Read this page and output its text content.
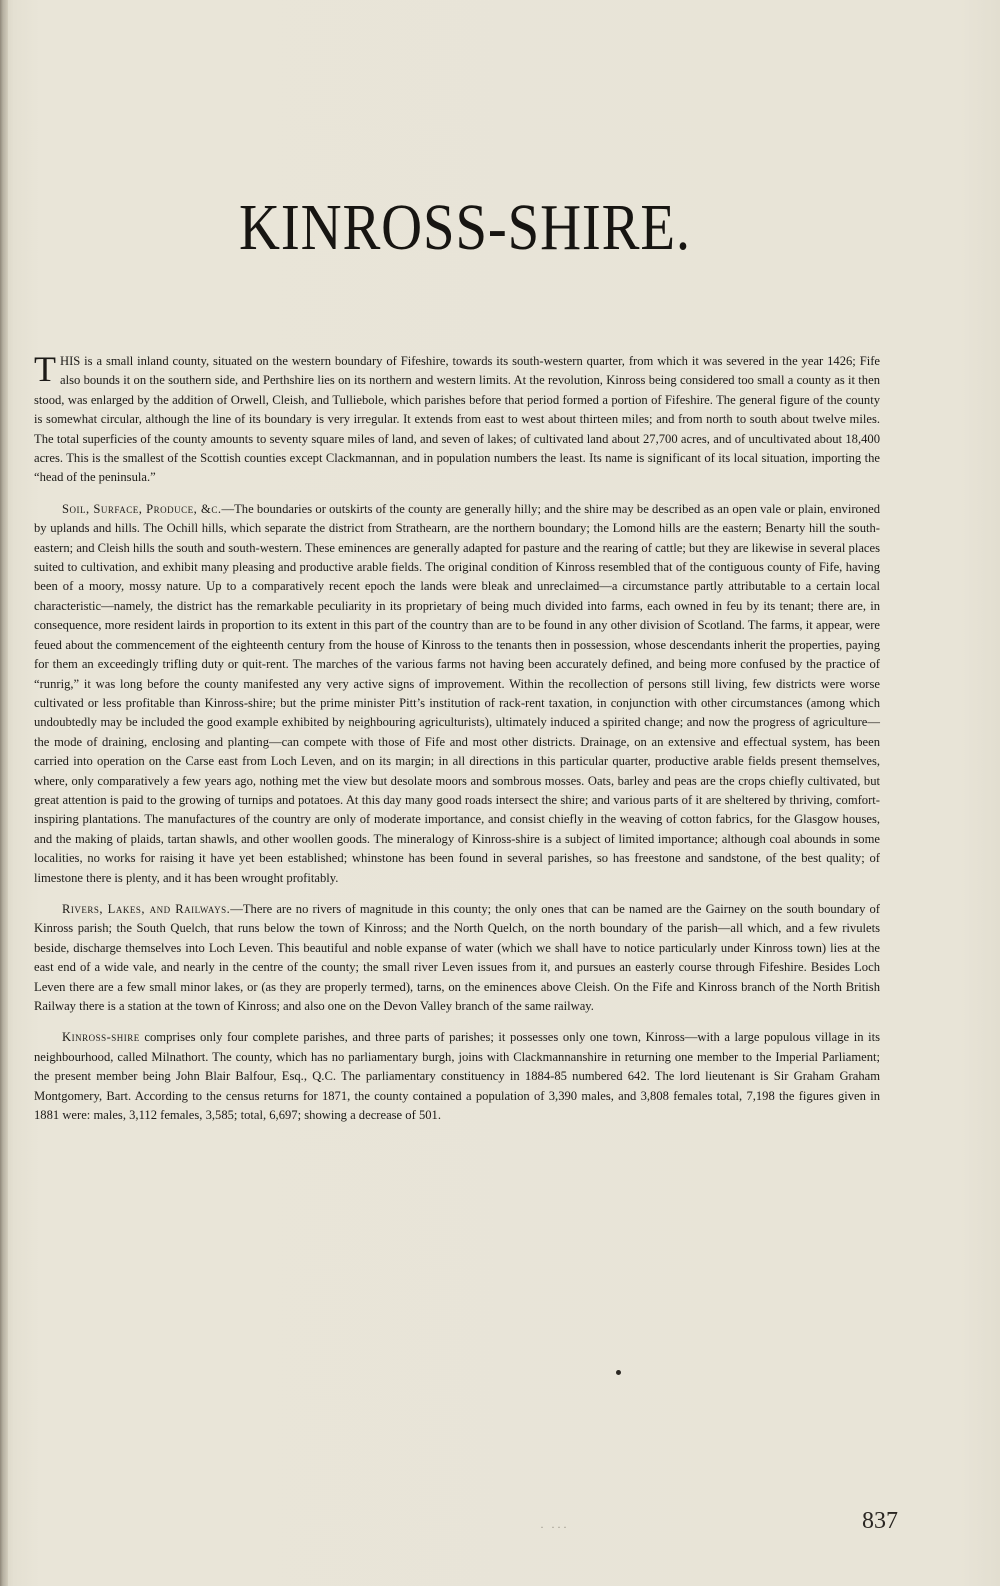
KINROSS-SHIRE.

THIS is a small inland county, situated on the western boundary of Fifeshire, towards its south-western quarter, from which it was severed in the year 1426; Fife also bounds it on the southern side, and Perthshire lies on its northern and western limits. At the revolution, Kinross being considered too small a county as it then stood, was enlarged by the addition of Orwell, Cleish, and Tulliebole, which parishes before that period formed a portion of Fifeshire. The general figure of the county is somewhat circular, although the line of its boundary is very irregular. It extends from east to west about thirteen miles; and from north to south about twelve miles. The total superficies of the county amounts to seventy square miles of land, and seven of lakes; of cultivated land about 27,700 acres, and of uncultivated about 18,400 acres. This is the smallest of the Scottish counties except Clackmannan, and in population numbers the least. Its name is significant of its local situation, importing the “head of the peninsula.”

Soil, Surface, Produce, &c.—The boundaries or outskirts of the county are generally hilly; and the shire may be described as an open vale or plain, environed by uplands and hills. The Ochill hills, which separate the district from Strathearn, are the northern boundary; the Lomond hills are the eastern; Benarty hill the south-eastern; and Cleish hills the south and south-western. These eminences are generally adapted for pasture and the rearing of cattle; but they are likewise in several places suited to cultivation, and exhibit many pleasing and productive arable fields. The original condition of Kinross resembled that of the contiguous county of Fife, having been of a moory, mossy nature. Up to a comparatively recent epoch the lands were bleak and unreclaimed—a circumstance partly attributable to a certain local characteristic—namely, the district has the remarkable peculiarity in its proprietary of being much divided into farms, each owned in feu by its tenant; there are, in consequence, more resident lairds in proportion to its extent in this part of the country than are to be found in any other division of Scotland. The farms, it appear, were feued about the commencement of the eighteenth century from the house of Kinross to the tenants then in possession, whose descendants inherit the properties, paying for them an exceedingly trifling duty or quit-rent. The marches of the various farms not having been accurately defined, and being more confused by the practice of “runrig,” it was long before the county manifested any very active signs of improvement. Within the recollection of persons still living, few districts were worse cultivated or less profitable than Kinross-shire; but the prime minister Pitt’s institution of rack-rent taxation, in conjunction with other circumstances (among which undoubtedly may be included the good example exhibited by neighbouring agriculturists), ultimately induced a spirited change; and now the progress of agriculture—the mode of draining, enclosing and planting—can compete with those of Fife and most other districts. Drainage, on an extensive and effectual system, has been carried into operation on the Carse east from Loch Leven, and on its margin; in all directions in this particular quarter, productive arable fields present themselves, where, only comparatively a few years ago, nothing met the view but desolate moors and sombrous mosses. Oats, barley and peas are the crops chiefly cultivated, but great attention is paid to the growing of turnips and potatoes. At this day many good roads intersect the shire; and various parts of it are sheltered by thriving, comfort-inspiring plantations. The manufactures of the country are only of moderate importance, and consist chiefly in the weaving of cotton fabrics, for the Glasgow houses, and the making of plaids, tartan shawls, and other woollen goods. The mineralogy of Kinross-shire is a subject of limited importance; although coal abounds in some localities, no works for raising it have yet been established; whinstone has been found in several parishes, so has freestone and sandstone, of the best quality; of limestone there is plenty, and it has been wrought profitably.

Rivers, Lakes, and Railways.—There are no rivers of magnitude in this county; the only ones that can be named are the Gairney on the south boundary of Kinross parish; the South Quelch, that runs below the town of Kinross; and the North Quelch, on the north boundary of the parish—all which, and a few rivulets beside, discharge themselves into Loch Leven. This beautiful and noble expanse of water (which we shall have to notice particularly under Kinross town) lies at the east end of a wide vale, and nearly in the centre of the county; the small river Leven issues from it, and pursues an easterly course through Fifeshire. Besides Loch Leven there are a few small minor lakes, or (as they are properly termed), tarns, on the eminences above Cleish. On the Fife and Kinross branch of the North British Railway there is a station at the town of Kinross; and also one on the Devon Valley branch of the same railway.

Kinross-shire comprises only four complete parishes, and three parts of parishes; it possesses only one town, Kinross—with a large populous village in its neighbourhood, called Milnathort. The county, which has no parliamentary burgh, joins with Clackmannanshire in returning one member to the Imperial Parliament; the present member being John Blair Balfour, Esq., Q.C. The parliamentary constituency in 1884-85 numbered 642. The lord lieutenant is Sir Graham Graham Montgomery, Bart. According to the census returns for 1871, the county contained a population of 3,390 males, and 3,808 females total, 7,198 the figures given in 1881 were: males, 3,112 females, 3,585; total, 6,697; showing a decrease of 501.

· ···	837
